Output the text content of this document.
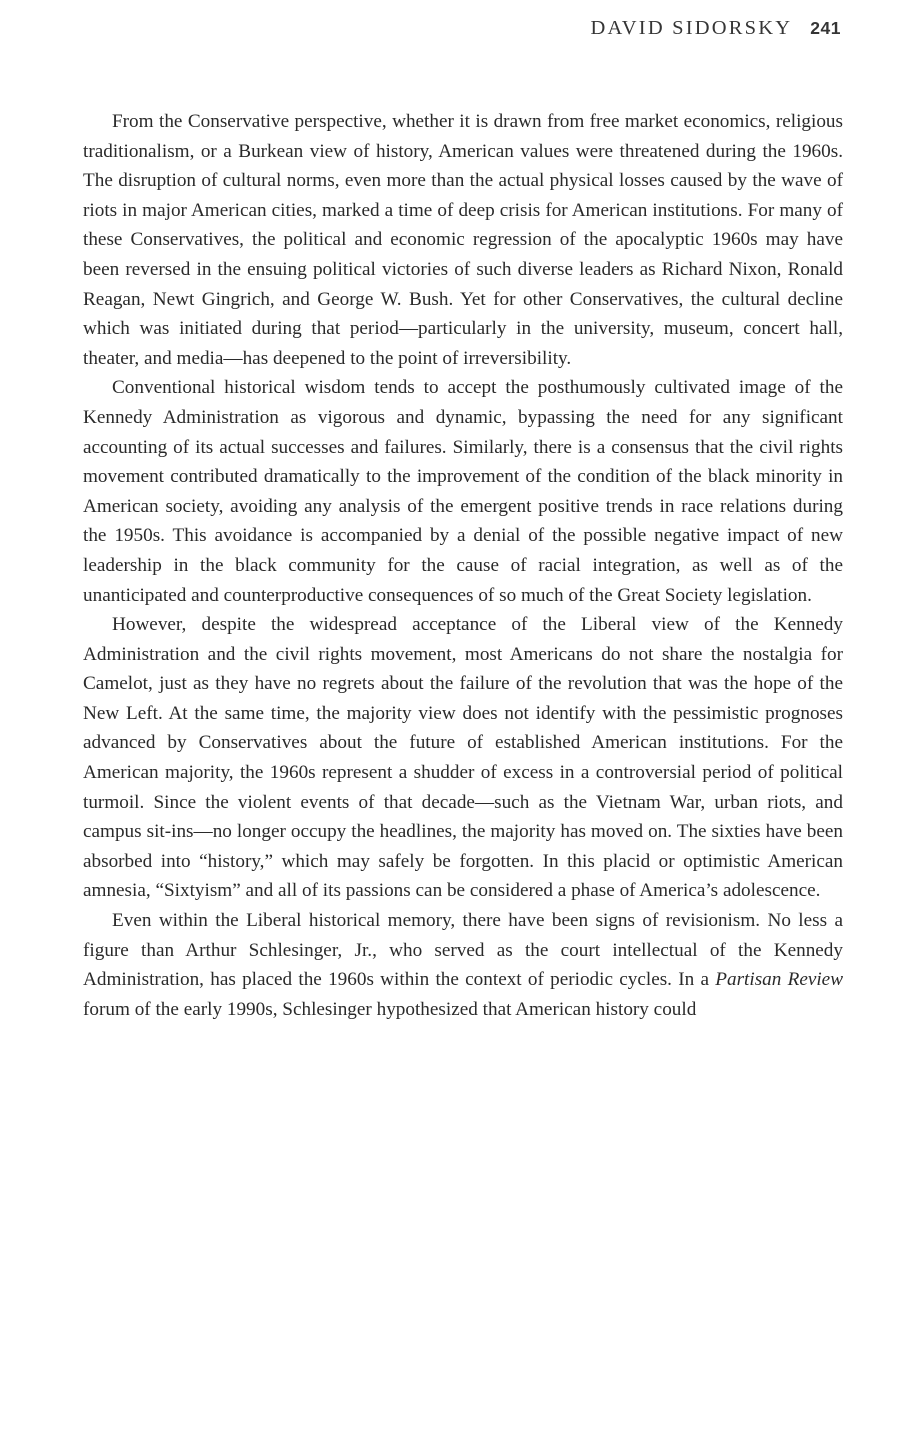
DAVID SIDORSKY 241

From the Conservative perspective, whether it is drawn from free market economics, religious traditionalism, or a Burkean view of history, American values were threatened during the 1960s. The disruption of cultural norms, even more than the actual physical losses caused by the wave of riots in major American cities, marked a time of deep crisis for American institutions. For many of these Conservatives, the political and economic regression of the apocalyptic 1960s may have been reversed in the ensuing political victories of such diverse leaders as Richard Nixon, Ronald Reagan, Newt Gingrich, and George W. Bush. Yet for other Conservatives, the cultural decline which was initiated during that period—particularly in the university, museum, concert hall, theater, and media—has deepened to the point of irreversibility.

Conventional historical wisdom tends to accept the posthumously cultivated image of the Kennedy Administration as vigorous and dynamic, bypassing the need for any significant accounting of its actual successes and failures. Similarly, there is a consensus that the civil rights movement contributed dramatically to the improvement of the condition of the black minority in American society, avoiding any analysis of the emergent positive trends in race relations during the 1950s. This avoidance is accompanied by a denial of the possible negative impact of new leadership in the black community for the cause of racial integration, as well as of the unanticipated and counterproductive consequences of so much of the Great Society legislation.

However, despite the widespread acceptance of the Liberal view of the Kennedy Administration and the civil rights movement, most Americans do not share the nostalgia for Camelot, just as they have no regrets about the failure of the revolution that was the hope of the New Left. At the same time, the majority view does not identify with the pessimistic prognoses advanced by Conservatives about the future of established American institutions. For the American majority, the 1960s represent a shudder of excess in a controversial period of political turmoil. Since the violent events of that decade—such as the Vietnam War, urban riots, and campus sit-ins—no longer occupy the headlines, the majority has moved on. The sixties have been absorbed into “history,” which may safely be forgotten. In this placid or optimistic American amnesia, “Sixtyism” and all of its passions can be considered a phase of America’s adolescence.

Even within the Liberal historical memory, there have been signs of revisionism. No less a figure than Arthur Schlesinger, Jr., who served as the court intellectual of the Kennedy Administration, has placed the 1960s within the context of periodic cycles. In a Partisan Review forum of the early 1990s, Schlesinger hypothesized that American history could
